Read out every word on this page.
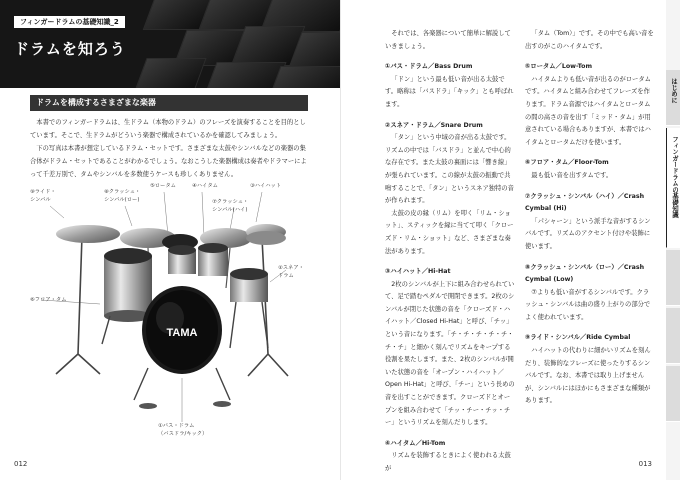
フィンガードラムの基礎知識_2
ドラムを知ろう
ドラムを構成するさまざまな楽器

本書でのフィンガードラムは、生ドラム（本物のドラム）のフレーズを演奏することを目的としています。そこで、生ドラムがどういう楽器で構成されているかを確認してみましょう。

下の写真は本書が想定しているドラム・セットです。さまざまな太鼓やシンバルなどの楽器の集合体がドラム・セットであることがわかるでしょう。なおこうした楽器構成は奏者やドラマーによって千差万別で、タムやシンバルを多数使うケースも珍しくありません。

TAMA
⑨ライド・
シンバル
⑧クラッシュ・
シンバル(ロー)
⑤ロータム	④ハイタム	③ハイハット
⑦クラッシュ・
シンバル(ハイ)
②スネア・
ドラム
⑥フロア・タム
①バス・ドラム
（バスドラ/キック）
012

それでは、各楽器について簡単に解説していきましょう。

①バス・ドラム／Bass Drum

「ドン」という最も低い音が出る太鼓です。略称は「バスドラ」「キック」とも呼ばれます。

②スネア・ドラム／Snare Drum

「タン」という中域の音が出る太鼓です。リズムの中では「バスドラ」と並んで中心的な存在です。また太鼓の裏面には「響き線」が張られています。この線が太鼓の振動で共鳴することで、「タン」というスネア独特の音が作られます。

太鼓の皮の縁（リム）を叩く「リム・ショット」、スティックを縁に当てて叩く「クローズド・リム・ショット」など、さまざまな奏法があります。

③ハイハット／Hi-Hat

2枚のシンバルが上下に組み合わせられていて、足で踏むペダルで開閉できます。2枚のシンバルが閉じた状態の音を「クローズド・ハイハット／Closed Hi-Hat」と呼び、「チッ」という音になります。「チ・チ・チ・チ・チ・チ・チ」と細かく刻んでリズムをキープする役割を果たします。また、2枚のシンバルが開いた状態の音を「オープン・ハイハット／Open Hi-Hat」と呼び、「チー」という長めの音を出すことができます。クローズドとオープンを組み合わせて「チッ・チー・チッ・チー」というリズムを刻んだりします。

④ハイタム／Hi-Tom

リズムを装飾するときによく使われる太鼓が

「タム（Tom）」です。その中でも高い音を出すのがこのハイタムです。

⑤ロータム／Low-Tom

ハイタムよりも低い音が出るのがロータムです。ハイタムと組み合わせてフレーズを作ります。ドラム音源ではハイタムとロータムの間の高さの音を出す「ミッド・タム」が用意されている場合もありますが、本書ではハイタムとロータムだけを使います。

⑥フロア・タム／Floor-Tom

最も低い音を出すタムです。

⑦クラッシュ・シンバル（ハイ）／Crash Cymbal (Hi)

「パシャーン」という派手な音がするシンバルです。リズムのアクセント付けや装飾に使います。

⑧クラッシュ・シンバル（ロー）／Crash Cymbal (Low)

⑦よりも低い音がするシンバルです。クラッシュ・シンバルは曲の盛り上がりの部分でよく使われています。

⑨ライド・シンバル／Ride Cymbal

ハイハットの代わりに細かいリズムを刻んだり、装飾的なフレーズに使ったりするシンバルです。なお、本書では取り上げませんが、シンバルにはほかにもさまざまな種類があります。

はじめに
フィンガードラムの基礎知識
013
